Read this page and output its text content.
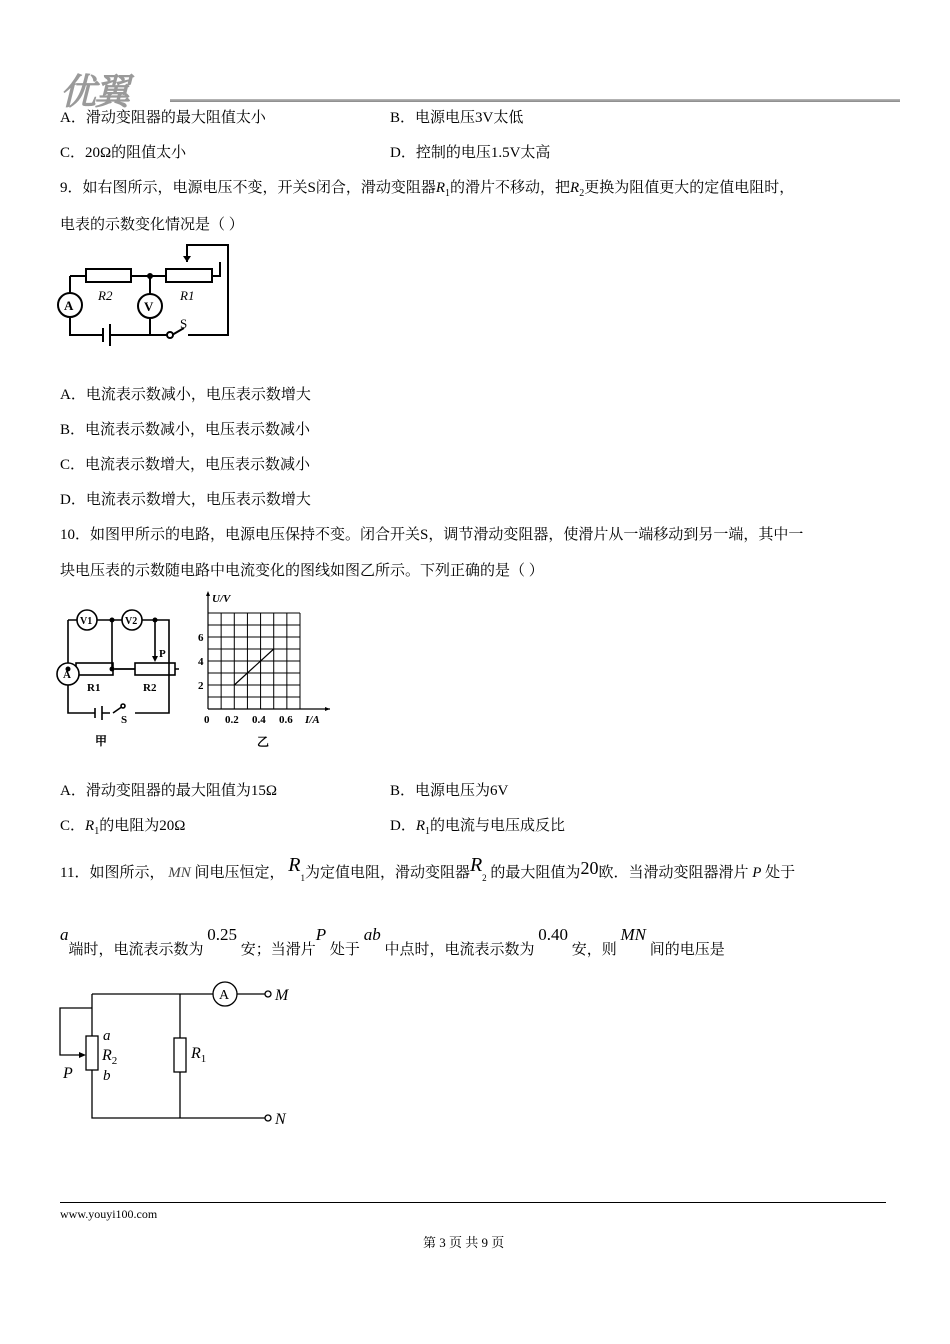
优翼
A．滑动变阻器的最大阻值太小	B．电源电压3V太低
C．20Ω的阻值太小	D．控制的电压1.5V太高
9．如右图所示，电源电压不变，开关S闭合，滑动变阻器$R_1$的滑片不移动，把$R_2$更换为阻值更大的定值电阻时，
电表的示数变化情况是（ ）
A	V
R2	R1
S
A．电流表示数减小，电压表示数增大
B．电流表示数减小，电压表示数减小
C．电流表示数增大，电压表示数减小
D．电流表示数增大，电压表示数增大
10．如图甲所示的电路，电源电压保持不变。闭合开关S，调节滑动变阻器，使滑片从一端移动到另一端，其中一
块电压表的示数随电路中电流变化的图线如图乙所示。下列正确的是（ ）
V1	V2
A
R1	R2
P
S
甲
U/V
I/A
2
4
6
0 0.2 0.4 0.6
乙
A．滑动变阻器的最大阻值为15Ω	B．电源电压为6V
C．$R_1$的电阻为20Ω	D．$R_1$的电流与电压成反比
11．如图所示， MN 间电压恒定， $R_1$为定值电阻，滑动变阻器$R_2$ 的最大阻值为20欧．当滑动变阻器滑片 P 处于
a端时，电流表示数为 0.25 安；当滑片P 处于 ab 中点时，电流表示数为 0.40 安，则 MN 间的电压是
A	M
N
a
$R_2$
b
P
$R_1$
www.youyi100.com
第 3 页 共 9 页
